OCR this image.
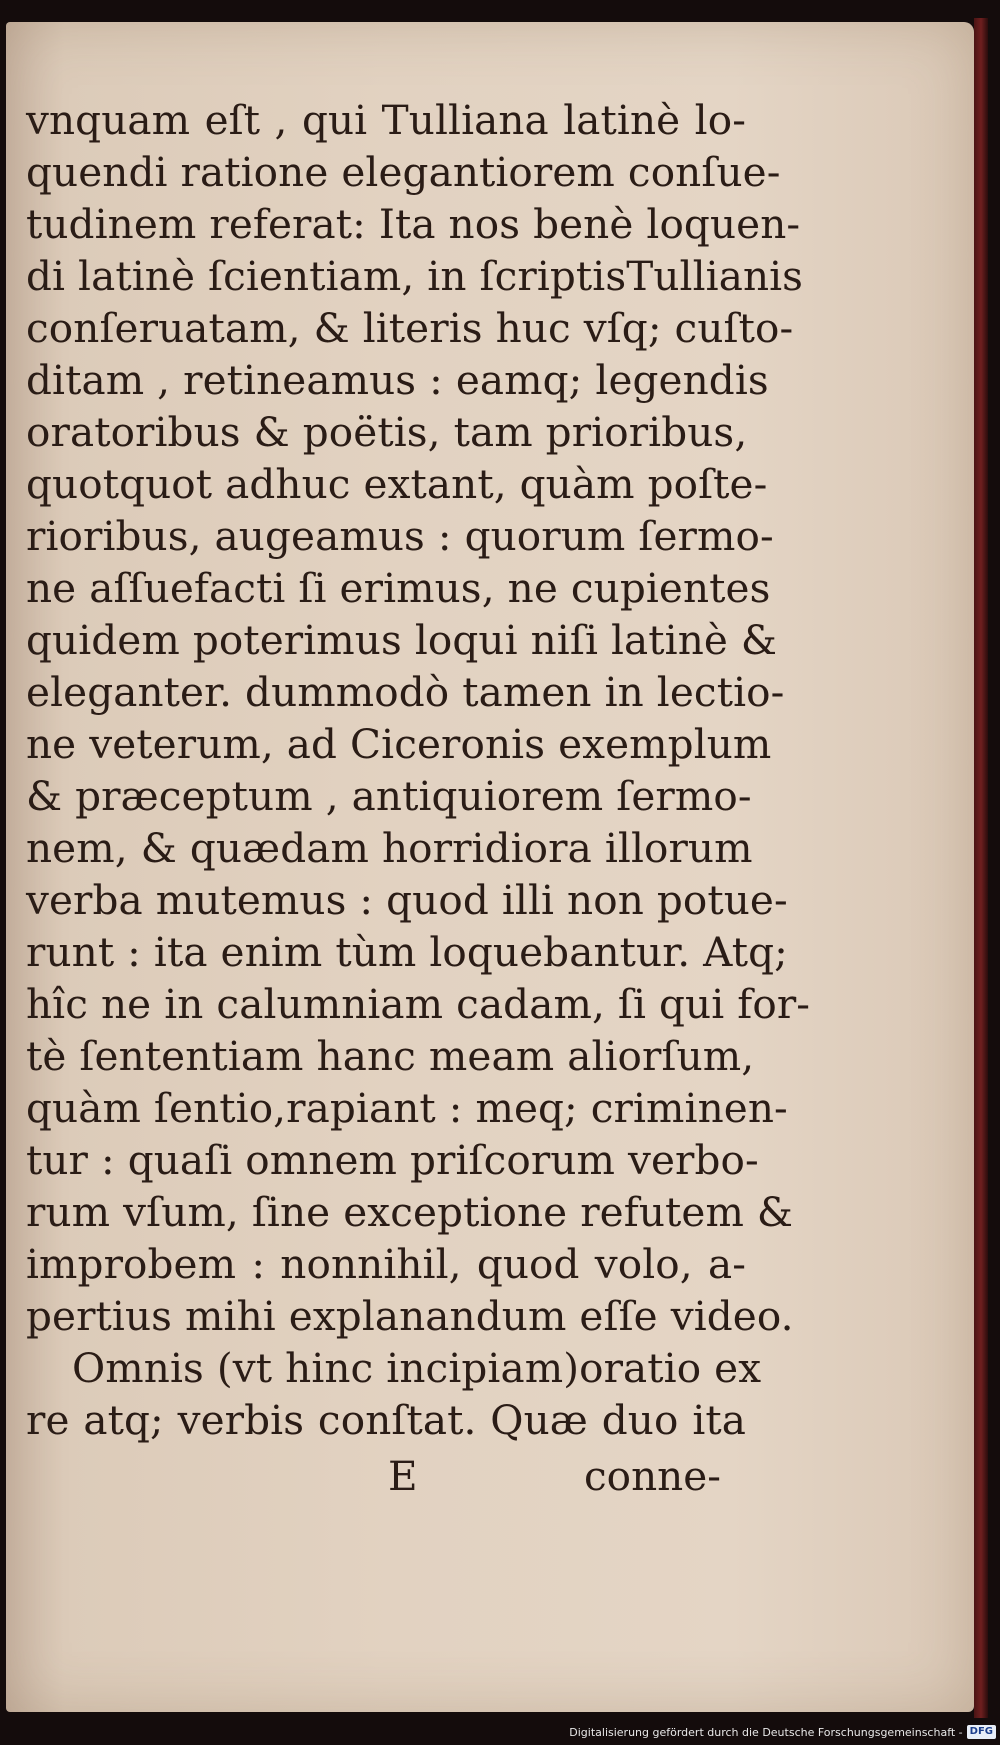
vnquam eſt , qui Tulliana latinè lo-
quendi ratione elegantiorem conſue-
tudinem referat: Ita nos benè loquen-
di latinè ſcientiam, in ſcriptisTullianis
conſeruatam, & literis huc vſq; cuſto-
ditam , retineamus : eamq; legendis
oratoribus & poëtis, tam prioribus,
quotquot adhuc extant, quàm poſte-
rioribus, augeamus : quorum ſermo-
ne aſſuefacti ſi erimus, ne cupientes
quidem poterimus loqui niſi latinè &
eleganter. dummodò tamen in lectio-
ne veterum, ad Ciceronis exemplum
& præceptum , antiquiorem ſermo-
nem, & quædam horridiora illorum
verba mutemus : quod illi non potue-
runt : ita enim tùm loquebantur. Atq;
hîc ne in calumniam cadam, ſi qui for-
tè ſententiam hanc meam aliorſum,
quàm ſentio,rapiant : meq; criminen-
tur : quaſi omnem priſcorum verbo-
rum vſum, ſine exceptione refutem &
improbem : nonnihil, quod volo, a-
pertius mihi explanandum eſſe video.
Omnis (vt hinc incipiam)oratio ex
re atq; verbis conſtat. Quæ duo ita
E	conne-
Digitalisierung gefördert durch die Deutsche Forschungsgemeinschaft - DFG
